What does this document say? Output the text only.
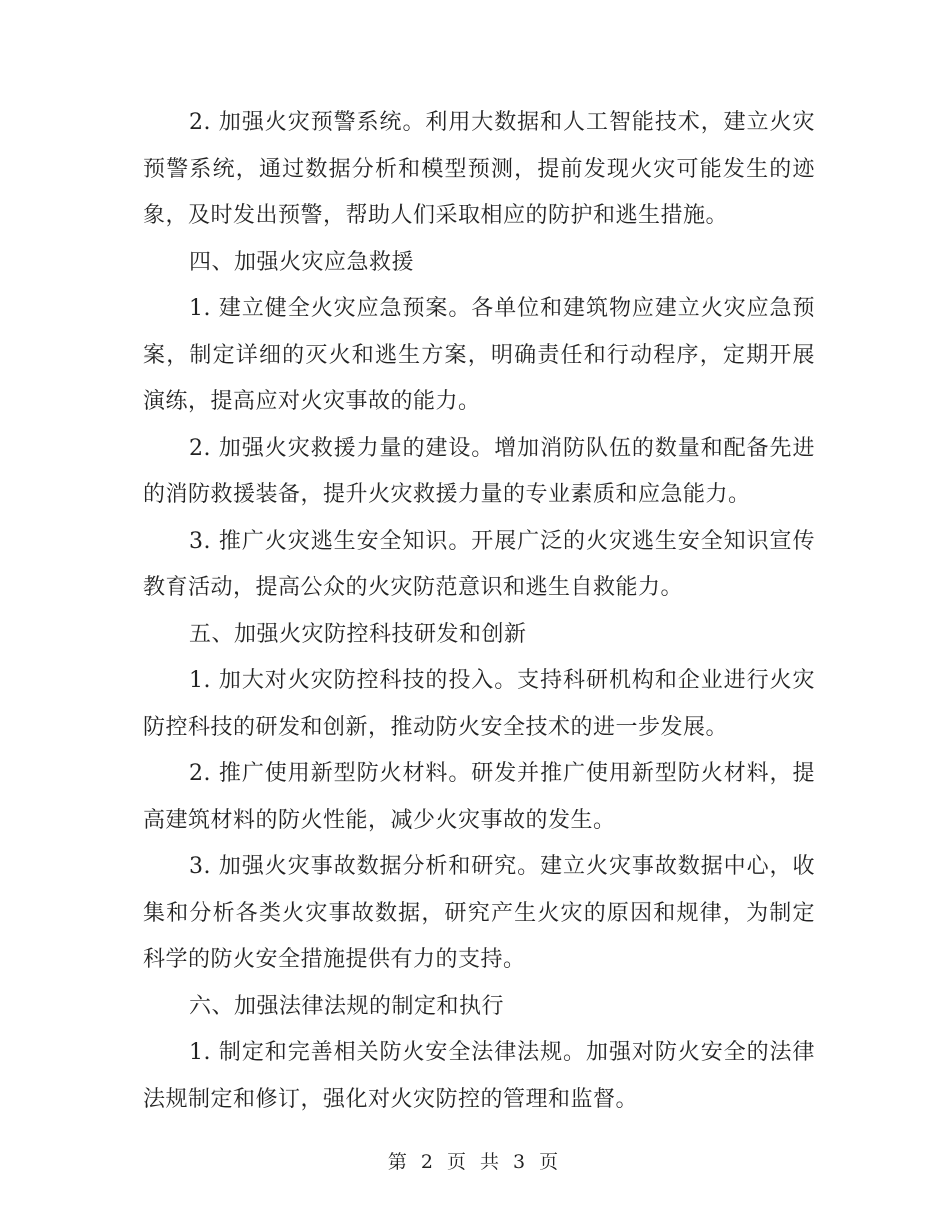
2. 加强火灾预警系统。利用大数据和人工智能技术，建立火灾预警系统，通过数据分析和模型预测，提前发现火灾可能发生的迹象，及时发出预警，帮助人们采取相应的防护和逃生措施。

四、加强火灾应急救援

1. 建立健全火灾应急预案。各单位和建筑物应建立火灾应急预案，制定详细的灭火和逃生方案，明确责任和行动程序，定期开展演练，提高应对火灾事故的能力。

2. 加强火灾救援力量的建设。增加消防队伍的数量和配备先进的消防救援装备，提升火灾救援力量的专业素质和应急能力。

3. 推广火灾逃生安全知识。开展广泛的火灾逃生安全知识宣传教育活动，提高公众的火灾防范意识和逃生自救能力。

五、加强火灾防控科技研发和创新

1. 加大对火灾防控科技的投入。支持科研机构和企业进行火灾防控科技的研发和创新，推动防火安全技术的进一步发展。

2. 推广使用新型防火材料。研发并推广使用新型防火材料，提高建筑材料的防火性能，减少火灾事故的发生。

3. 加强火灾事故数据分析和研究。建立火灾事故数据中心，收集和分析各类火灾事故数据，研究产生火灾的原因和规律，为制定科学的防火安全措施提供有力的支持。

六、加强法律法规的制定和执行

1. 制定和完善相关防火安全法律法规。加强对防火安全的法律法规制定和修订，强化对火灾防控的管理和监督。

第 2 页 共 3 页
